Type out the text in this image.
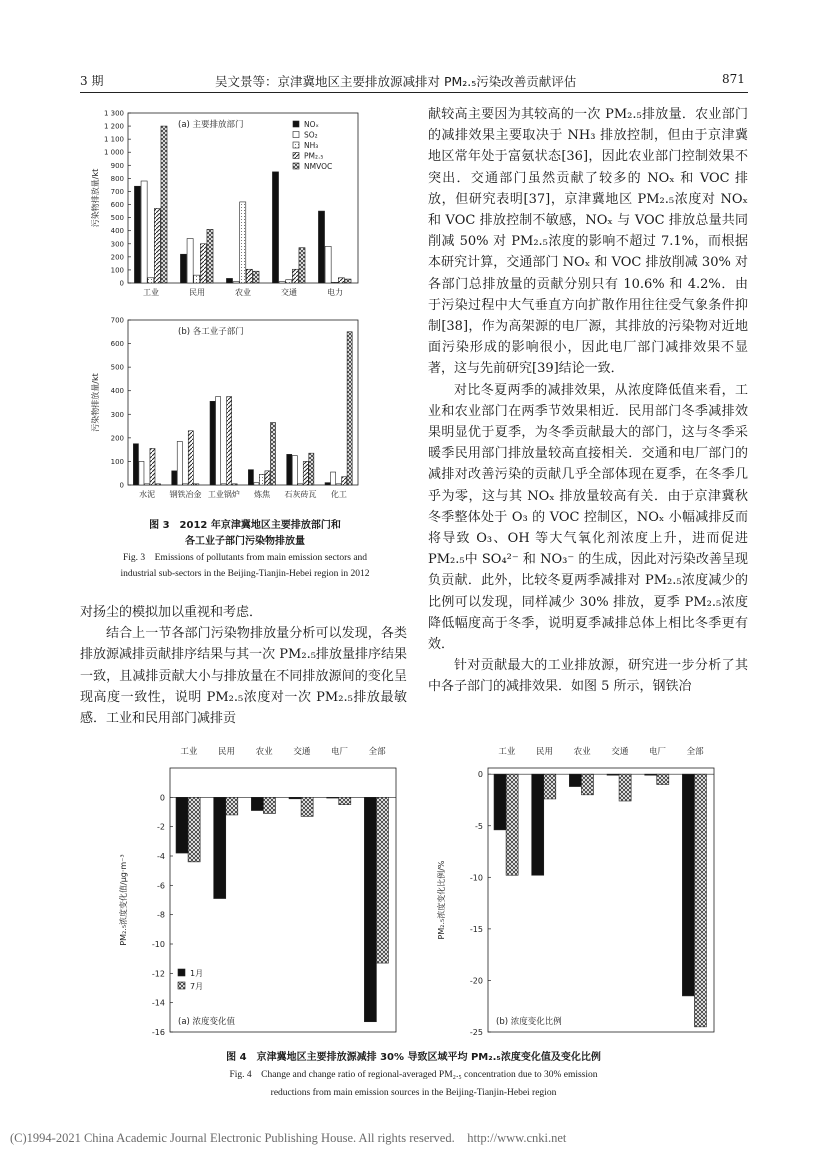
3 期	吴文景等：京津冀地区主要排放源减排对 PM₂.₅污染改善贡献评估	871
0
100
200
300
400
500
600
700
800
900
1 000
1 100
1 200
1 300
污染物排放量/kt
(a) 主要排放部门
工业	民用	农业	交通	电力
NOₓ
SO₂
NH₃
PM₂.₅
NMVOC
0
100
200
300
400
500
600
700
污染物排放量/kt
(b) 各工业子部门
水泥 钢铁冶金 工业锅炉 炼焦 石灰砖瓦 化工
图 3　2012 年京津冀地区主要排放部门和
各工业子部门污染物排放量
Fig. 3　Emissions of pollutants from main emission sectors and
industrial sub-sectors in the Beijing-Tianjin-Hebei region in 2012

对扬尘的模拟加以重视和考虑．

结合上一节各部门污染物排放量分析可以发现，各类排放源减排贡献排序结果与其一次 PM₂.₅排放量排序结果一致，且减排贡献大小与排放量在不同排放源间的变化呈现高度一致性，说明 PM₂.₅浓度对一次 PM₂.₅排放最敏感．工业和民用部门减排贡

献较高主要因为其较高的一次 PM₂.₅排放量．农业部门的减排效果主要取决于 NH₃ 排放控制，但由于京津冀地区常年处于富氨状态[36]，因此农业部门控制效果不突出．交通部门虽然贡献了较多的 NOₓ 和 VOC 排放，但研究表明[37]，京津冀地区 PM₂.₅浓度对 NOₓ 和 VOC 排放控制不敏感，NOₓ 与 VOC 排放总量共同削减 50% 对 PM₂.₅浓度的影响不超过 7.1%，而根据本研究计算，交通部门 NOₓ 和 VOC 排放削减 30% 对各部门总排放量的贡献分别只有 10.6% 和 4.2%．由于污染过程中大气垂直方向扩散作用往往受气象条件抑制[38]，作为高架源的电厂源，其排放的污染物对近地面污染形成的影响很小，因此电厂部门减排效果不显著，这与先前研究[39]结论一致．

对比冬夏两季的减排效果，从浓度降低值来看，工业和农业部门在两季节效果相近．民用部门冬季减排效果明显优于夏季，为冬季贡献最大的部门，这与冬季采暖季民用部门排放量较高直接相关．交通和电厂部门的减排对改善污染的贡献几乎全部体现在夏季，在冬季几乎为零，这与其 NOₓ 排放量较高有关．由于京津冀秋冬季整体处于 O₃ 的 VOC 控制区，NOₓ 小幅减排反而将导致 O₃、OH 等大气氧化剂浓度上升，进而促进 PM₂.₅中 SO₄²⁻ 和 NO₃⁻ 的生成，因此对污染改善呈现负贡献．此外，比较冬夏两季减排对 PM₂.₅浓度减少的比例可以发现，同样减少 30% 排放，夏季 PM₂.₅浓度降低幅度高于冬季，说明夏季减排总体上相比冬季更有效．

针对贡献最大的工业排放源，研究进一步分析了其中各子部门的减排效果．如图 5 所示，钢铁冶

0
-2
-4
-6
-8
-10
-12
-14
-16
PM₂.₅浓度变化值/μg·m⁻³
(a) 浓度变化值
工业 民用 农业 交通 电厂 全部
1月
7月
0
-5
-10
-15
-20
-25
PM₂.₅浓度变化比例/%
(b) 浓度变化比例
工业 民用 农业 交通 电厂 全部
图 4　京津冀地区主要排放源减排 30% 导致区域平均 PM₂.₅浓度变化值及变化比例
Fig. 4　Change and change ratio of regional-averaged PM₂.₅ concentration due to 30% emission
reductions from main emission sources in the Beijing-Tianjin-Hebei region
(C)1994-2021 China Academic Journal Electronic Publishing House. All rights reserved.　http://www.cnki.net
